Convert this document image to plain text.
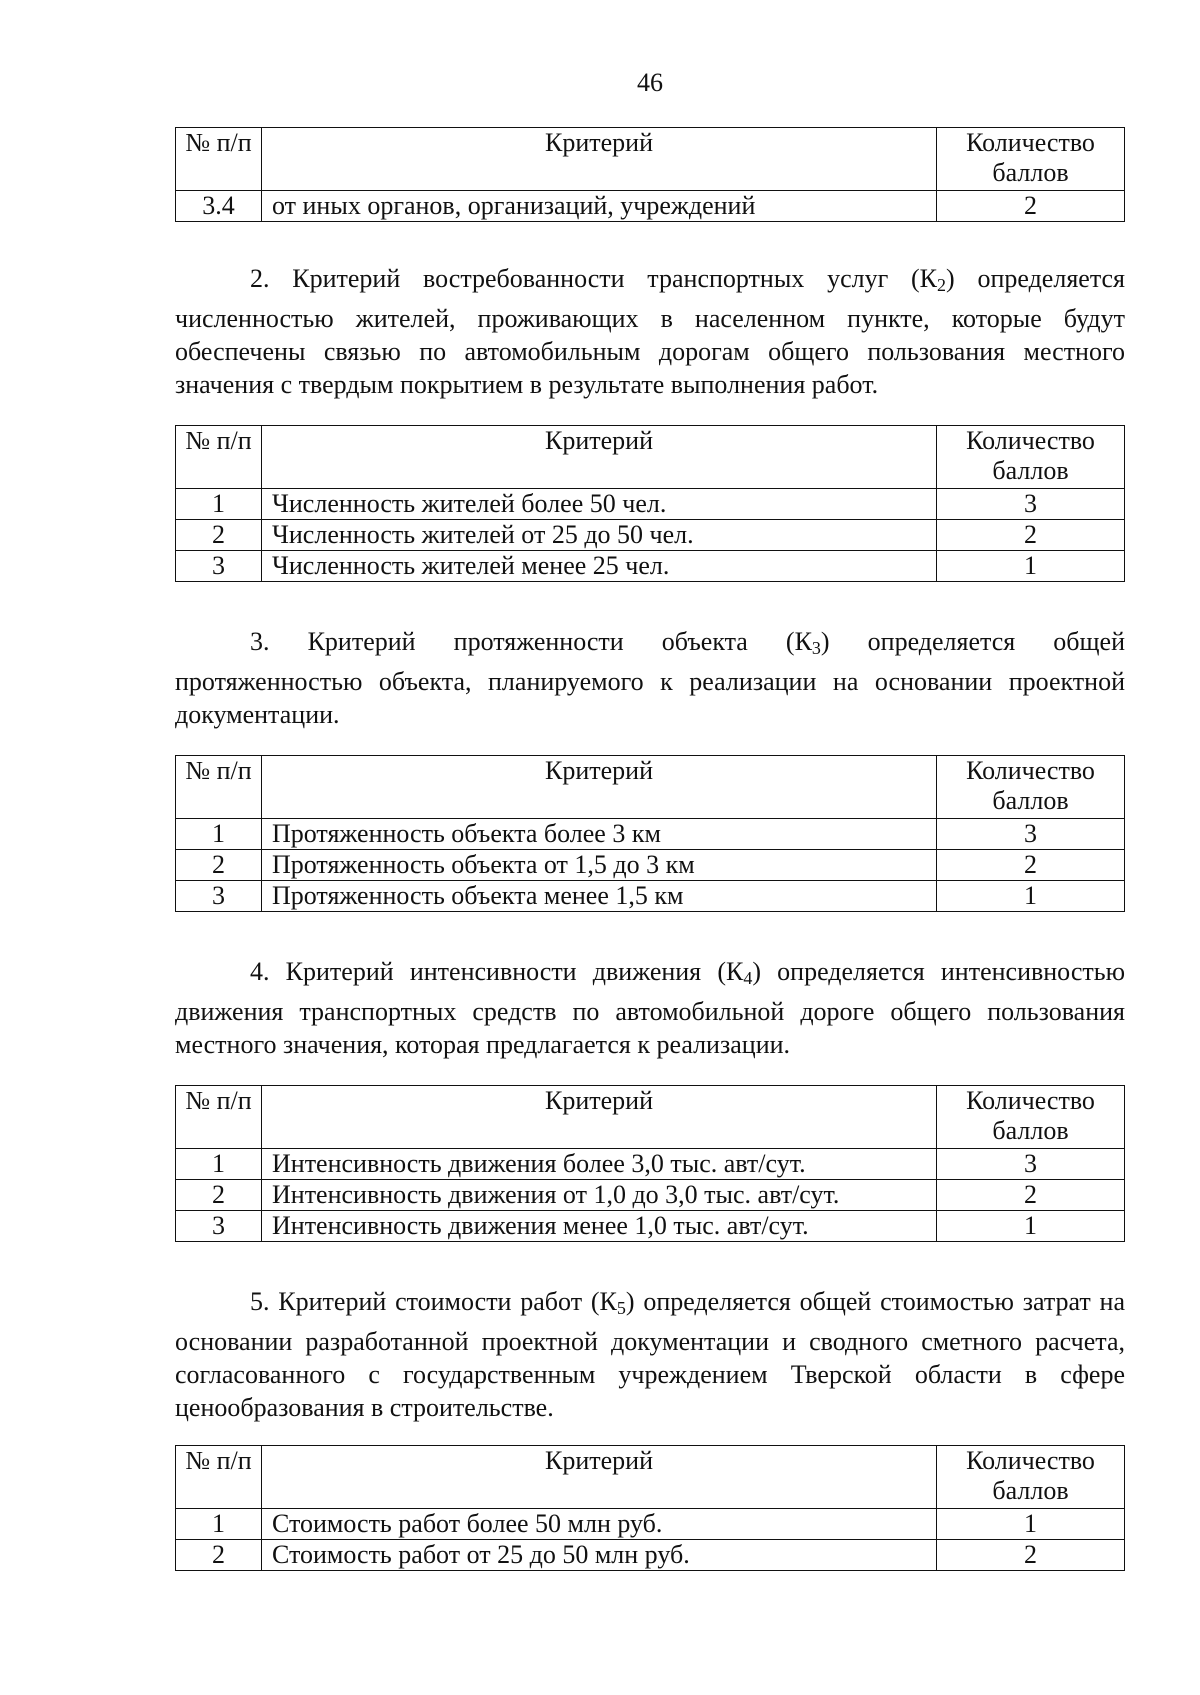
46
№ п/п	Критерий	Количество баллов
3.4	от иных органов, организаций, учреждений	2

2. Критерий востребованности транспортных услуг $(К_2)$ определяется численностью жителей, проживающих в населенном пункте, которые будут обеспечены связью по автомобильным дорогам общего пользования местного значения с твердым покрытием в результате выполнения работ.

№ п/п	Критерий	Количество баллов
1	Численность жителей более 50 чел.	3
2	Численность жителей от 25 до 50 чел.	2
3	Численность жителей менее 25 чел.	1

3. Критерий протяженности объекта $(К_3)$ определяется общей протяженностью объекта, планируемого к реализации на основании проектной документации.

№ п/п	Критерий	Количество баллов
1	Протяженность объекта более 3 км	3
2	Протяженность объекта от 1,5 до 3 км	2
3	Протяженность объекта менее 1,5 км	1

4. Критерий интенсивности движения $(К_4)$ определяется интенсивностью движения транспортных средств по автомобильной дороге общего пользования местного значения, которая предлагается к реализации.

№ п/п	Критерий	Количество баллов
1	Интенсивность движения более 3,0 тыс. авт/сут.	3
2	Интенсивность движения от 1,0 до 3,0 тыс. авт/сут.	2
3	Интенсивность движения менее 1,0 тыс. авт/сут.	1

5. Критерий стоимости работ $(К_5)$ определяется общей стоимостью затрат на основании разработанной проектной документации и сводного сметного расчета, согласованного с государственным учреждением Тверской области в сфере ценообразования в строительстве.

№ п/п	Критерий	Количество баллов
1	Стоимость работ более 50 млн руб.	1
2	Стоимость работ от 25 до 50 млн руб.	2
